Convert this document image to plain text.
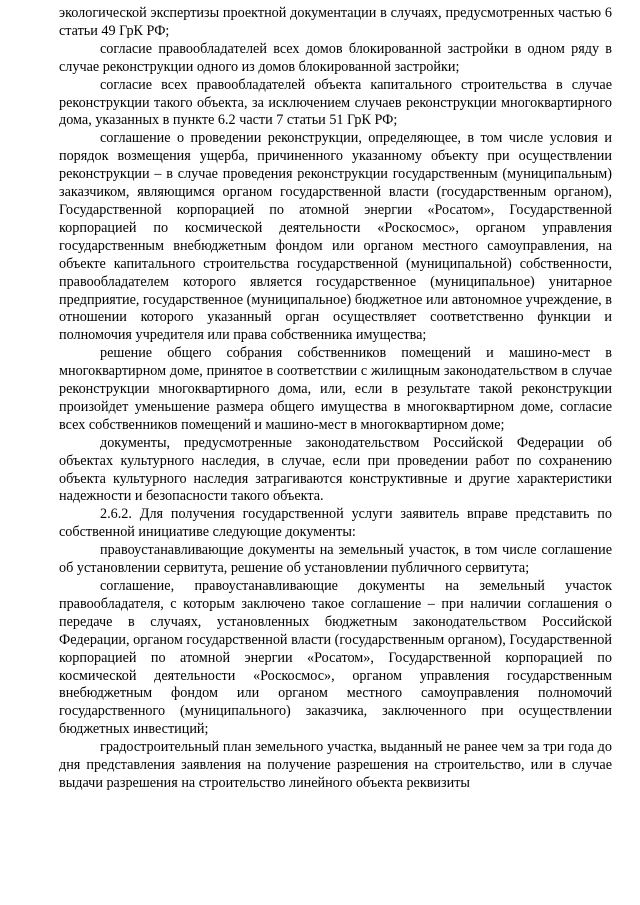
экологической экспертизы проектной документации в случаях, предусмотренных частью 6 статьи 49 ГрК РФ;

согласие правообладателей всех домов блокированной застройки в одном ряду в случае реконструкции одного из домов блокированной застройки;

согласие всех правообладателей объекта капитального строительства в случае реконструкции такого объекта, за исключением случаев реконструкции многоквартирного дома, указанных в пункте 6.2 части 7 статьи 51 ГрК РФ;

соглашение о проведении реконструкции, определяющее, в том числе условия и порядок возмещения ущерба, причиненного указанному объекту при осуществлении реконструкции – в случае проведения реконструкции государственным (муниципальным) заказчиком, являющимся органом государственной власти (государственным органом), Государственной корпорацией по атомной энергии «Росатом», Государственной корпорацией по космической деятельности «Роскосмос», органом управления государственным внебюджетным фондом или органом местного самоуправления, на объекте капитального строительства государственной (муниципальной) собственности, правообладателем которого является государственное (муниципальное) унитарное предприятие, государственное (муниципальное) бюджетное или автономное учреждение, в отношении которого указанный орган осуществляет соответственно функции и полномочия учредителя или права собственника имущества;

решение общего собрания собственников помещений и машино-мест в многоквартирном доме, принятое в соответствии с жилищным законодательством в случае реконструкции многоквартирного дома, или, если в результате такой реконструкции произойдет уменьшение размера общего имущества в многоквартирном доме, согласие всех собственников помещений и машино-мест в многоквартирном доме;

документы, предусмотренные законодательством Российской Федерации об объектах культурного наследия, в случае, если при проведении работ по сохранению объекта культурного наследия затрагиваются конструктивные и другие характеристики надежности и безопасности такого объекта.

2.6.2. Для получения государственной услуги заявитель вправе представить по собственной инициативе следующие документы:

правоустанавливающие документы на земельный участок, в том числе соглашение об установлении сервитута, решение об установлении публичного сервитута;

соглашение, правоустанавливающие документы на земельный участок правообладателя, с которым заключено такое соглашение – при наличии соглашения о передаче в случаях, установленных бюджетным законодательством Российской Федерации, органом государственной власти (государственным органом), Государственной корпорацией по атомной энергии «Росатом», Государственной корпорацией по космической деятельности «Роскосмос», органом управления государственным внебюджетным фондом или органом местного самоуправления полномочий государственного (муниципального) заказчика, заключенного при осуществлении бюджетных инвестиций;

градостроительный план земельного участка, выданный не ранее чем за три года до дня представления заявления на получение разрешения на строительство, или в случае выдачи разрешения на строительство линейного объекта реквизиты
